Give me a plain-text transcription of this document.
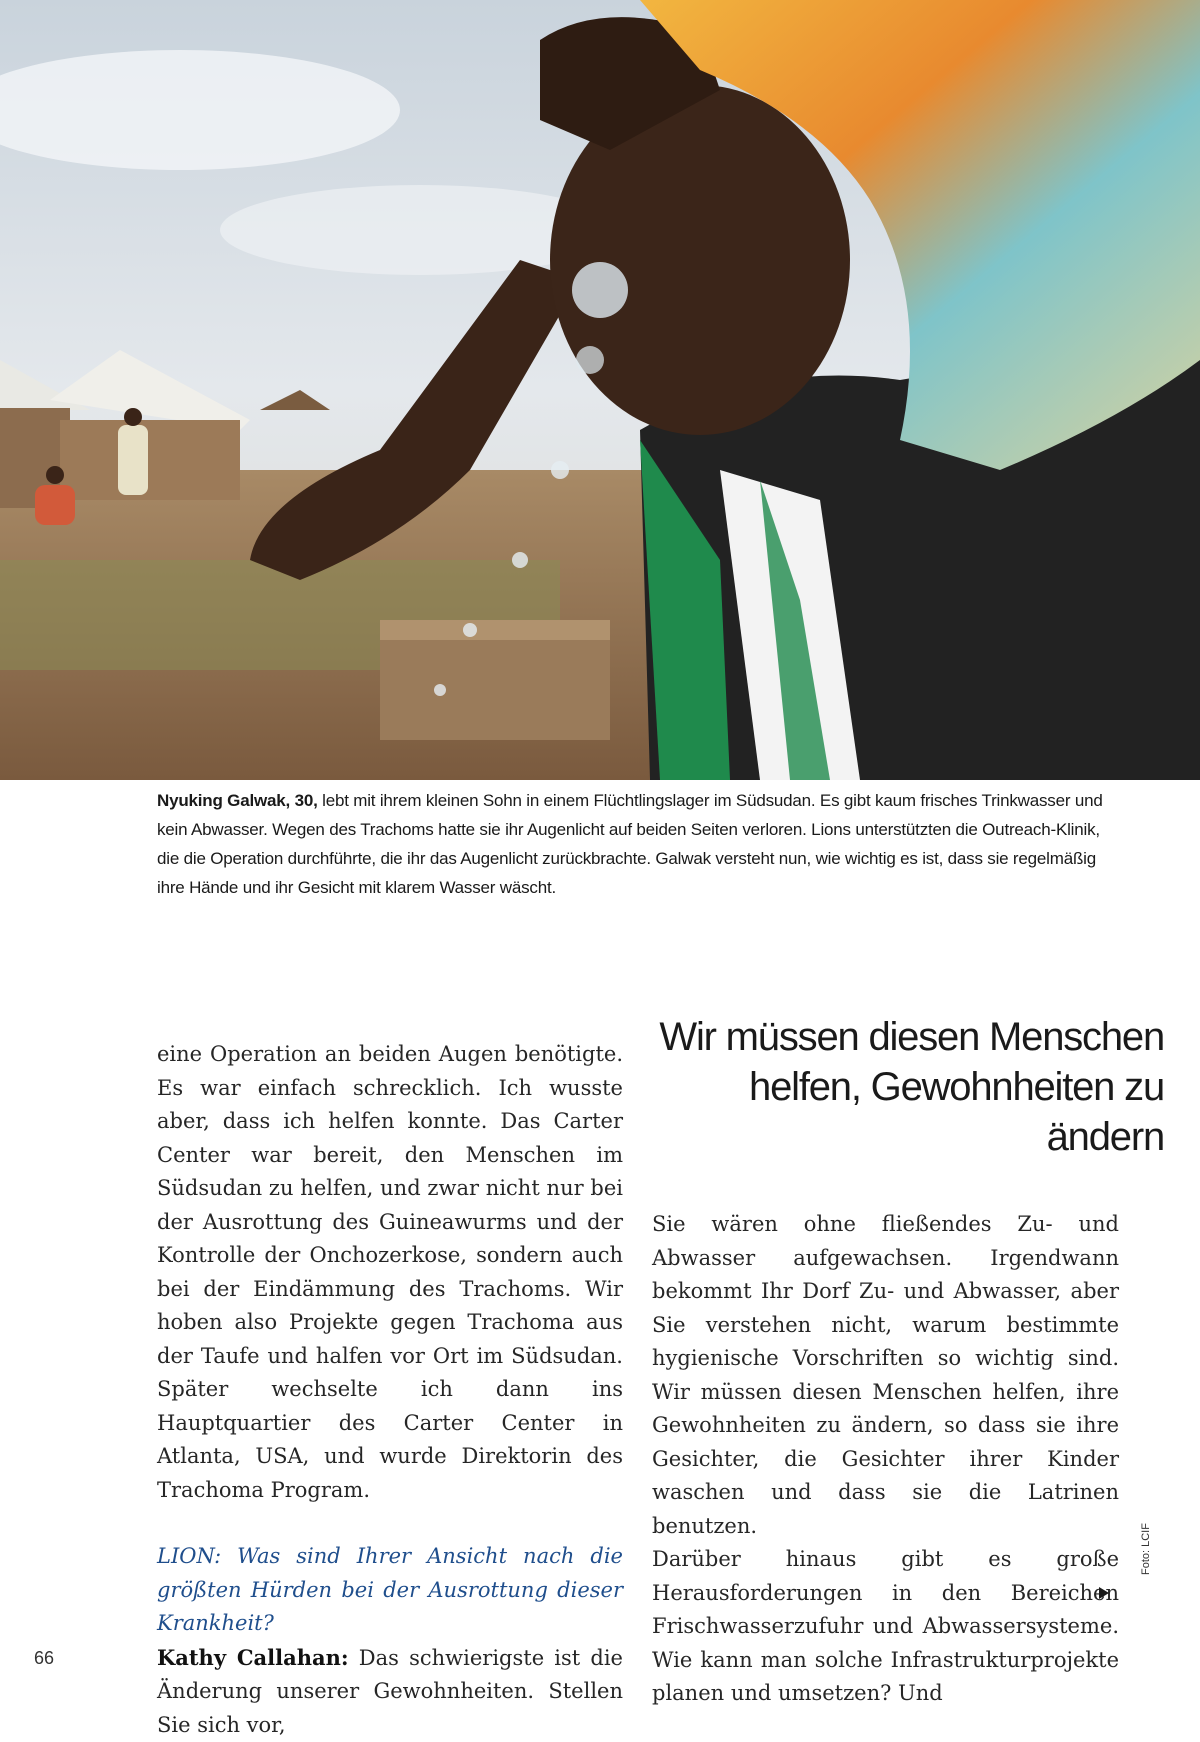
Nyuking Galwak, 30, lebt mit ihrem kleinen Sohn in einem Flüchtlingslager im Südsudan. Es gibt kaum frisches Trinkwasser und kein Abwasser. Wegen des Trachoms hatte sie ihr Augenlicht auf beiden Seiten verloren. Lions unterstützten die Outreach-Klinik, die die Operation durchführte, die ihr das Augenlicht zurückbrachte. Galwak versteht nun, wie wichtig es ist, dass sie regelmäßig ihre Hände und ihr Gesicht mit klarem Wasser wäscht.

eine Operation an beiden Augen benötigte. Es war einfach schrecklich. Ich wusste aber, dass ich helfen konnte. Das Carter Center war bereit, den Menschen im Südsudan zu helfen, und zwar nicht nur bei der Ausrottung des Guineawurms und der Kontrolle der Onchozerkose, sondern auch bei der Eindämmung des Trachoms. Wir hoben also Projekte gegen Trachoma aus der Taufe und halfen vor Ort im Südsudan. Später wechselte ich dann ins Hauptquartier des Carter Center in Atlanta, USA, und wurde Direktorin des Trachoma Program.

LION: Was sind Ihrer Ansicht nach die größten Hürden bei der Ausrottung dieser Krankheit?

Kathy Callahan: Das schwierigste ist die Änderung unserer Gewohnheiten. Stellen Sie sich vor,

Wir müssen diesen Menschen
helfen, Gewohnheiten zu ändern

Sie wären ohne fließendes Zu- und Abwasser aufgewachsen. Irgendwann bekommt Ihr Dorf Zu- und Abwasser, aber Sie verstehen nicht, warum bestimmte hygienische Vorschriften so wichtig sind. Wir müssen diesen Menschen helfen, ihre Gewohnheiten zu ändern, so dass sie ihre Gesichter, die Gesichter ihrer Kinder waschen und dass sie die Latrinen benutzen.

Darüber hinaus gibt es große Herausforderungen in den Bereichen Frischwasserzufuhr und Abwassersysteme. Wie kann man solche Infrastrukturprojekte planen und umsetzen? Und

Foto: LCIF
66
